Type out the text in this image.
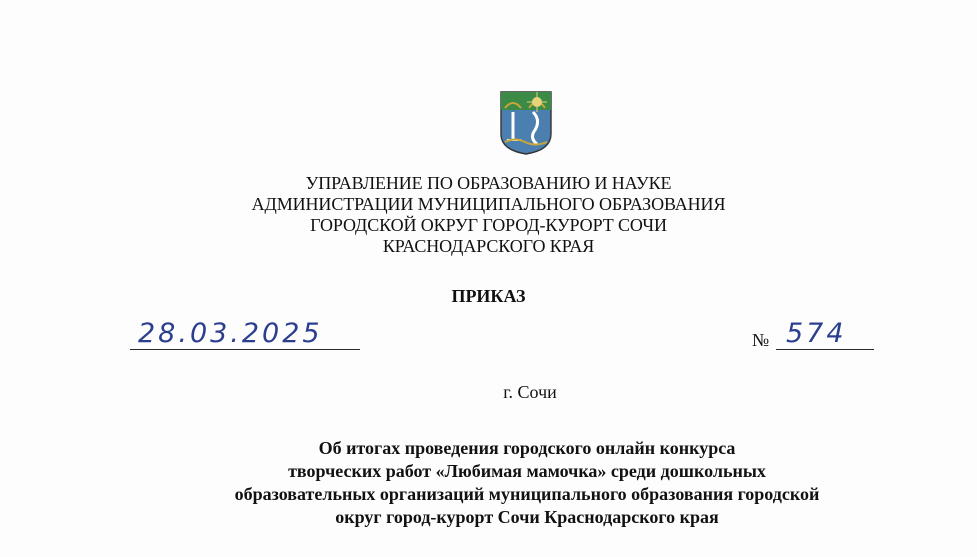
УПРАВЛЕНИЕ ПО ОБРАЗОВАНИЮ И НАУКЕ
АДМИНИСТРАЦИИ МУНИЦИПАЛЬНОГО ОБРАЗОВАНИЯ
ГОРОДСКОЙ ОКРУГ ГОРОД-КУРОРТ СОЧИ
КРАСНОДАРСКОГО КРАЯ
ПРИКАЗ
28.03.2025	№ 574
г. Сочи
Об итогах проведения городского онлайн конкурса
творческих работ «Любимая мамочка» среди дошкольных
образовательных организаций муниципального образования городской
округ город-курорт Сочи Краснодарского края
